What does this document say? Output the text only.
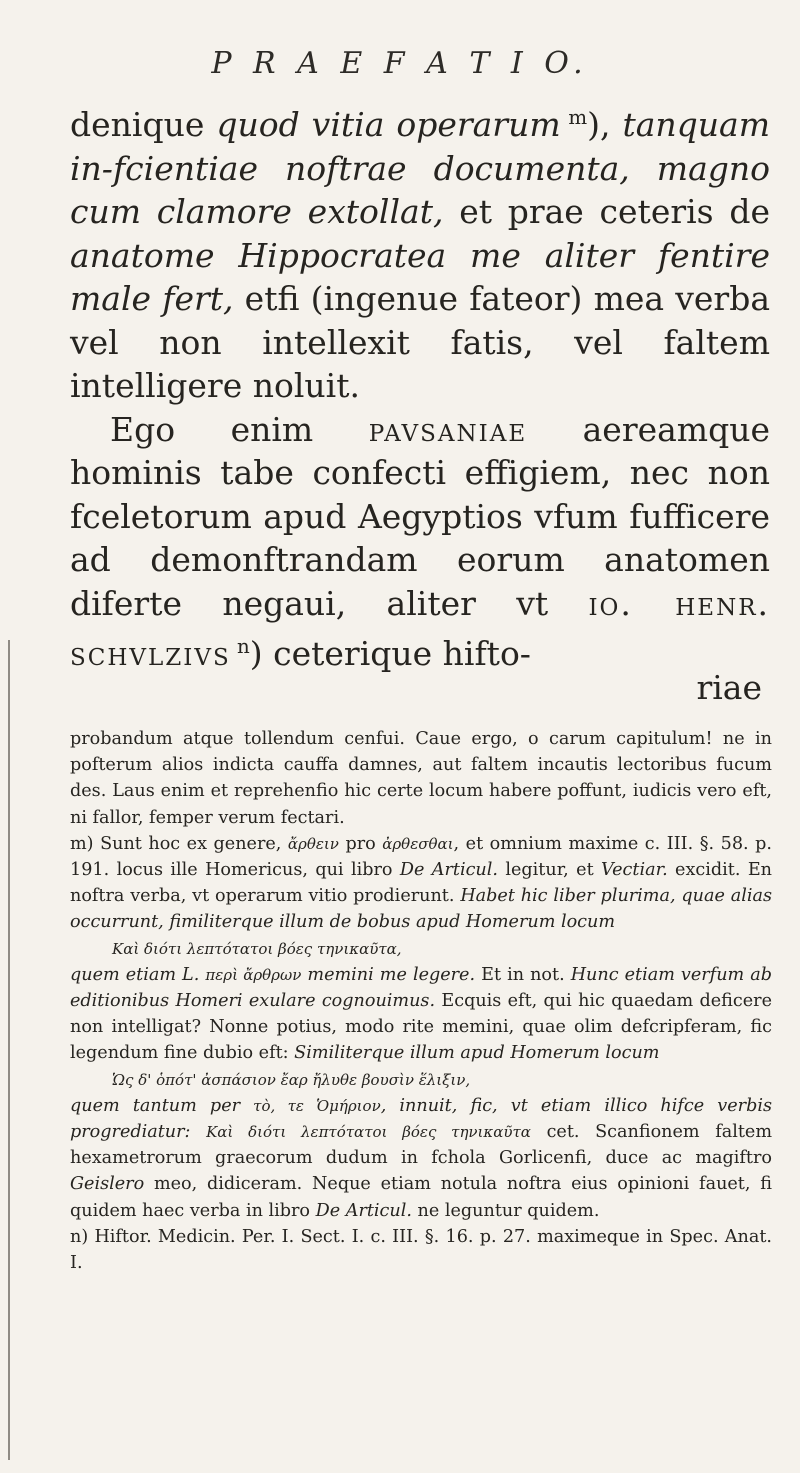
P R A E F A T I O.

denique quod vitia operarum $^m$), tanquam in-fcientiae noftrae documenta, magno cum clamore extollat, et prae ceteris de anatome Hippocratea me aliter fentire male fert, etfi (ingenue fateor) mea verba vel non intellexit fatis, vel faltem intelligere noluit.

Ego enim pavsaniae aereamque hominis tabe confecti effigiem, nec non fceletorum apud Aegyptios vfum fufficere ad demonftrandam eorum anatomen diferte negaui, aliter vt io. henr. schvlzivs $^n$) ceterique hifto-

riae

probandum atque tollendum cenfui. Caue ergo, o carum capitulum! ne in pofterum alios indicta cauffa damnes, aut faltem incautis lectoribus fucum des. Laus enim et reprehenfio hic certe locum habere poffunt, iudicis vero eft, ni fallor, femper verum fectari.

m) Sunt hoc ex genere, ἄρθειν pro ἀρθεσθαι, et omnium maxime c. III. §. 58. p. 191. locus ille Homericus, qui libro De Articul. legitur, et Vectiar. excidit. En noftra verba, vt operarum vitio prodierunt. Habet hic liber plurima, quae alias occurrunt, fimiliterque illum de bobus apud Homerum locum

Καὶ διότι λεπτότατοι βόες τηνικαῦτα,

quem etiam L. περὶ ἄρθρων memini me legere. Et in not. Hunc etiam verfum ab editionibus Homeri exulare cognouimus. Ecquis eft, qui hic quaedam deficere non intelligat? Nonne potius, modo rite memini, quae olim defcripferam, fic legendum fine dubio eft: Similiterque illum apud Homerum locum

Ὡς δ' ὁπότ' ἀσπάσιον ἔαρ ἤλυθε βουσὶν ἕλιξιν,

quem tantum per τὸ, τε Ὁμήριον, innuit, fic, vt etiam illico hifce verbis progrediatur: Καὶ διότι λεπτότατοι βόες τηνικαῦτα cet. Scanfionem faltem hexametrorum graecorum dudum in fchola Gorlicenfi, duce ac magiftro Geislero meo, didiceram. Neque etiam notula noftra eius opinioni fauet, fi quidem haec verba in libro De Articul. ne leguntur quidem.

n) Hiftor. Medicin. Per. I. Sect. I. c. III. §. 16. p. 27. maximeque in Spec. Anat. I.
